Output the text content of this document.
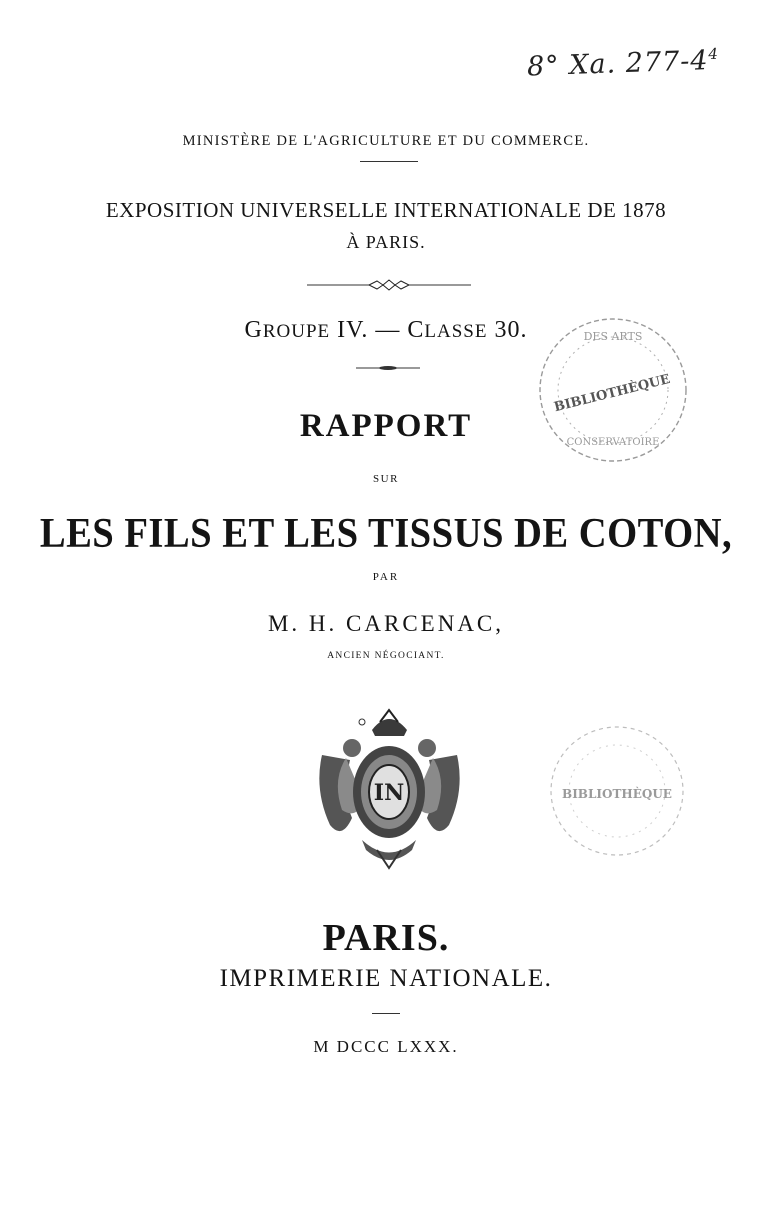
8° Xa. $277-4^4$
MINISTÈRE DE L'AGRICULTURE ET DU COMMERCE.
EXPOSITION UNIVERSELLE INTERNATIONALE DE 1878
À PARIS.
GROUPE IV. — CLASSE 30.	DES ARTS
BIBLIOTHÈQUE
CONSERVATOIRE
RAPPORT
SUR
LES FILS ET LES TISSUS DE COTON,
PAR
M. H. CARCENAC,
ANCIEN NÉGOCIANT.
IN	BIBLIOTHÈQUE
PARIS.
IMPRIMERIE NATIONALE.
M DCCC LXXX.
